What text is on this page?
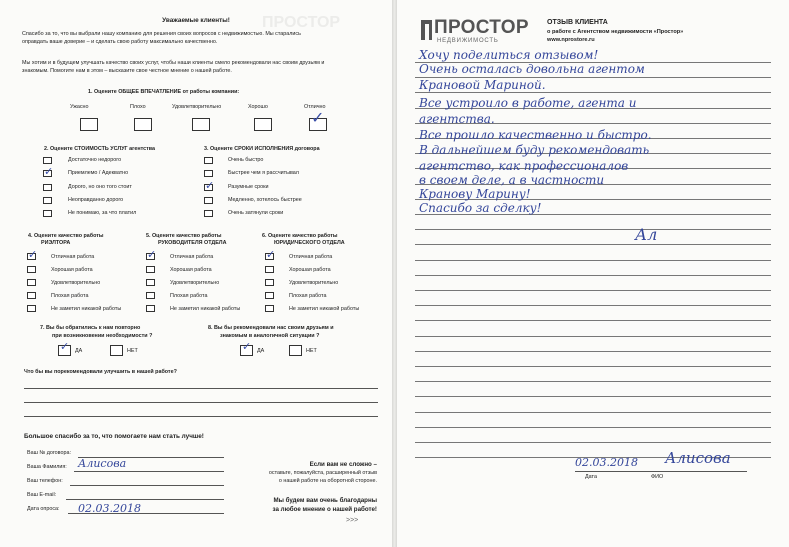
ПРОСТОР
Уважаемые клиенты!
Спасибо за то, что вы выбрали нашу компанию для решения своих вопросов с недвижимостью. Мы старались
оправдать ваше доверие – и сделать свою работу максимально качественно.
Мы хотим и в будущем улучшать качество своих услуг, чтобы наши клиенты смело рекомендовали нас своим друзьям и
знакомым. Помогите нам в этом – высказите свое честное мнение о нашей работе.
1. Оцените ОБЩЕЕ ВПЕЧАТЛЕНИЕ от работы компании:
Ужасно	Плохо	Удовлетворительно	Хорошо	Отлично
✓
2. Оцените СТОИМОСТЬ УСЛУГ агентства
Достаточно недорого
✓	Приемлемо / Адекватно
Дорого, но оно того стоит
Неоправданно дорого
Не понимаю, за что платил
3. Оцените СРОКИ ИСПОЛНЕНИЯ договора
Очень быстро
Быстрее чем я рассчитывал
✓	Разумные сроки
Медленно, хотелось быстрее
Очень затянули сроки
4. Оцените качество работы
РИЭЛТОРА
✓	Отличная работа
Хорошая работа
Удовлетворительно
Плохая работа
Не заметил никакой работы
5. Оцените качество работы
РУКОВОДИТЕЛЯ ОТДЕЛА
✓	Отличная работа
Хорошая работа
Удовлетворительно
Плохая работа
Не заметил никакой работы
6. Оцените качество работы
ЮРИДИЧЕСКОГО ОТДЕЛА
✓	Отличная работа
Хорошая работа
Удовлетворительно
Плохая работа
Не заметил никакой работы
7. Вы бы обратились к нам повторно
при возникновении необходимости ?
✓ ДА	НЕТ
8. Вы бы рекомендовали нас своим друзьям и
знакомым в аналогичной ситуации ?
✓ ДА	НЕТ
Что бы вы порекомендовали улучшить в нашей работе?
Большое спасибо за то, что помогаете нам стать лучше!
Ваш № договора:
Ваша Фамилия: Алисова
Ваш телефон:
Ваш E-mail:
Дата опроса: 02.03.2018
Если вам не сложно –
оставьте, пожалуйста, расширенный отзыв
о нашей работе на оборотной стороне.
Мы будем вам очень благодарны
за любое мнение о нашей работе!
>>>
ПРОСТОР
НЕДВИЖИМОСТЬ
ОТЗЫВ КЛИЕНТА
о работе с Агентством недвижимости «Простор»
www.nprostore.ru
Хочу поделиться отзывом!
Очень осталась довольна агентом
Крановой Мариной.
Все устроило в работе, агента и
агентства.
Все прошло качественно и быстро.
В дальнейшем буду рекомендовать
агентство, как профессионалов
в своем деле, а в частности
Кранову Марину!
Спасибо за сделку!
Ал
02.03.2018 Алисова
Дата	ФИО
